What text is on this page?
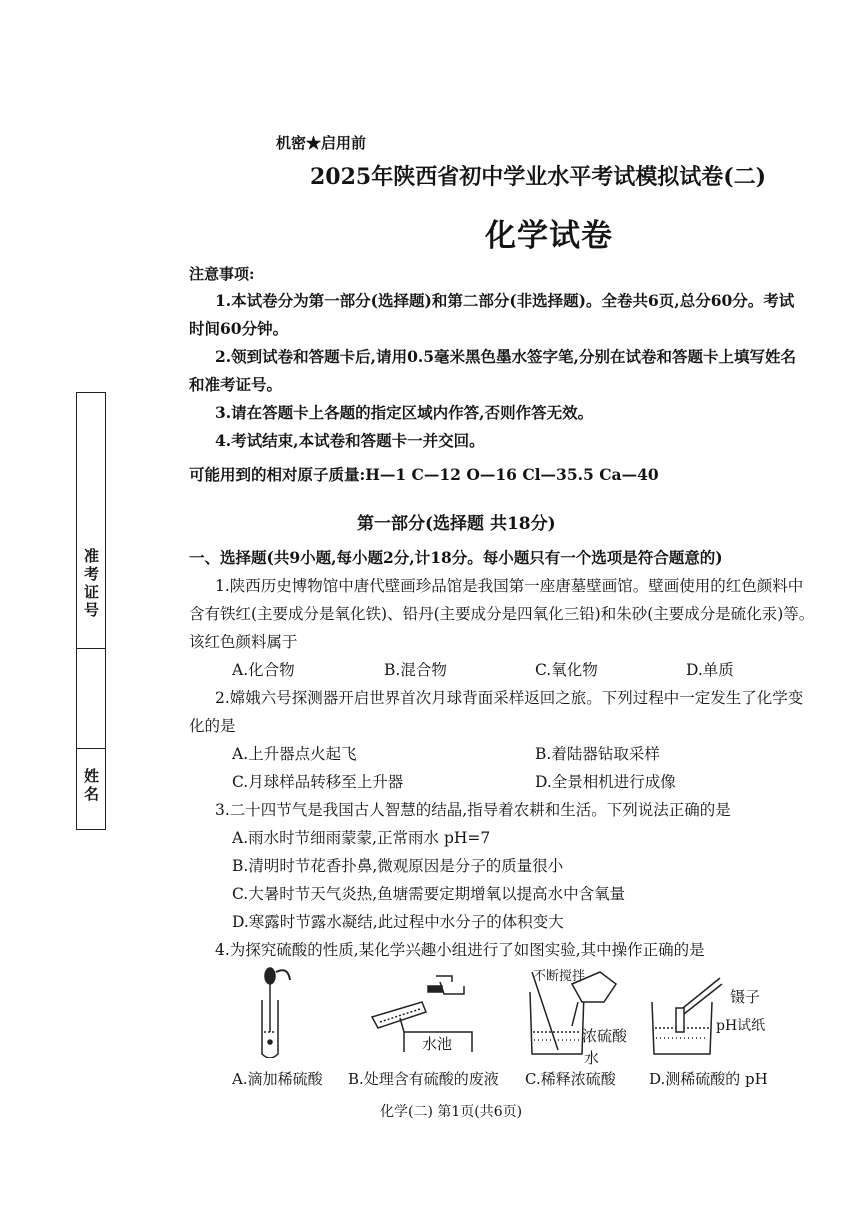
机密★启用前
2025年陕西省初中学业水平考试模拟试卷(二)
化学试卷
准考证号
姓名
注意事项:
1.本试卷分为第一部分(选择题)和第二部分(非选择题)。全卷共6页,总分60分。考试
时间60分钟。
2.领到试卷和答题卡后,请用0.5毫米黑色墨水签字笔,分别在试卷和答题卡上填写姓名
和准考证号。
3.请在答题卡上各题的指定区域内作答,否则作答无效。
4.考试结束,本试卷和答题卡一并交回。
可能用到的相对原子质量:H—1 C—12 O—16 Cl—35.5 Ca—40
第一部分(选择题 共18分)
一、选择题(共9小题,每小题2分,计18分。每小题只有一个选项是符合题意的)
1.陕西历史博物馆中唐代壁画珍品馆是我国第一座唐墓壁画馆。壁画使用的红色颜料中
含有铁红(主要成分是氧化铁)、铅丹(主要成分是四氧化三铅)和朱砂(主要成分是硫化汞)等。
该红色颜料属于
A.化合物	B.混合物	C.氧化物	D.单质
2.嫦娥六号探测器开启世界首次月球背面采样返回之旅。下列过程中一定发生了化学变
化的是
A.上升器点火起飞	B.着陆器钻取采样
C.月球样品转移至上升器	D.全景相机进行成像
3.二十四节气是我国古人智慧的结晶,指导着农耕和生活。下列说法正确的是
A.雨水时节细雨蒙蒙,正常雨水 pH=7
B.清明时节花香扑鼻,微观原因是分子的质量很小
C.大暑时节天气炎热,鱼塘需要定期增氧以提高水中含氧量
D.寒露时节露水凝结,此过程中水分子的体积变大
4.为探究硫酸的性质,某化学兴趣小组进行了如图实验,其中操作正确的是
不断搅拌
镊子
pH试纸
水池	浓硫酸
水
A.滴加稀硫酸 B.处理含有硫酸的废液 C.稀释浓硫酸 D.测稀硫酸的 pH
化学(二) 第1页(共6页)
